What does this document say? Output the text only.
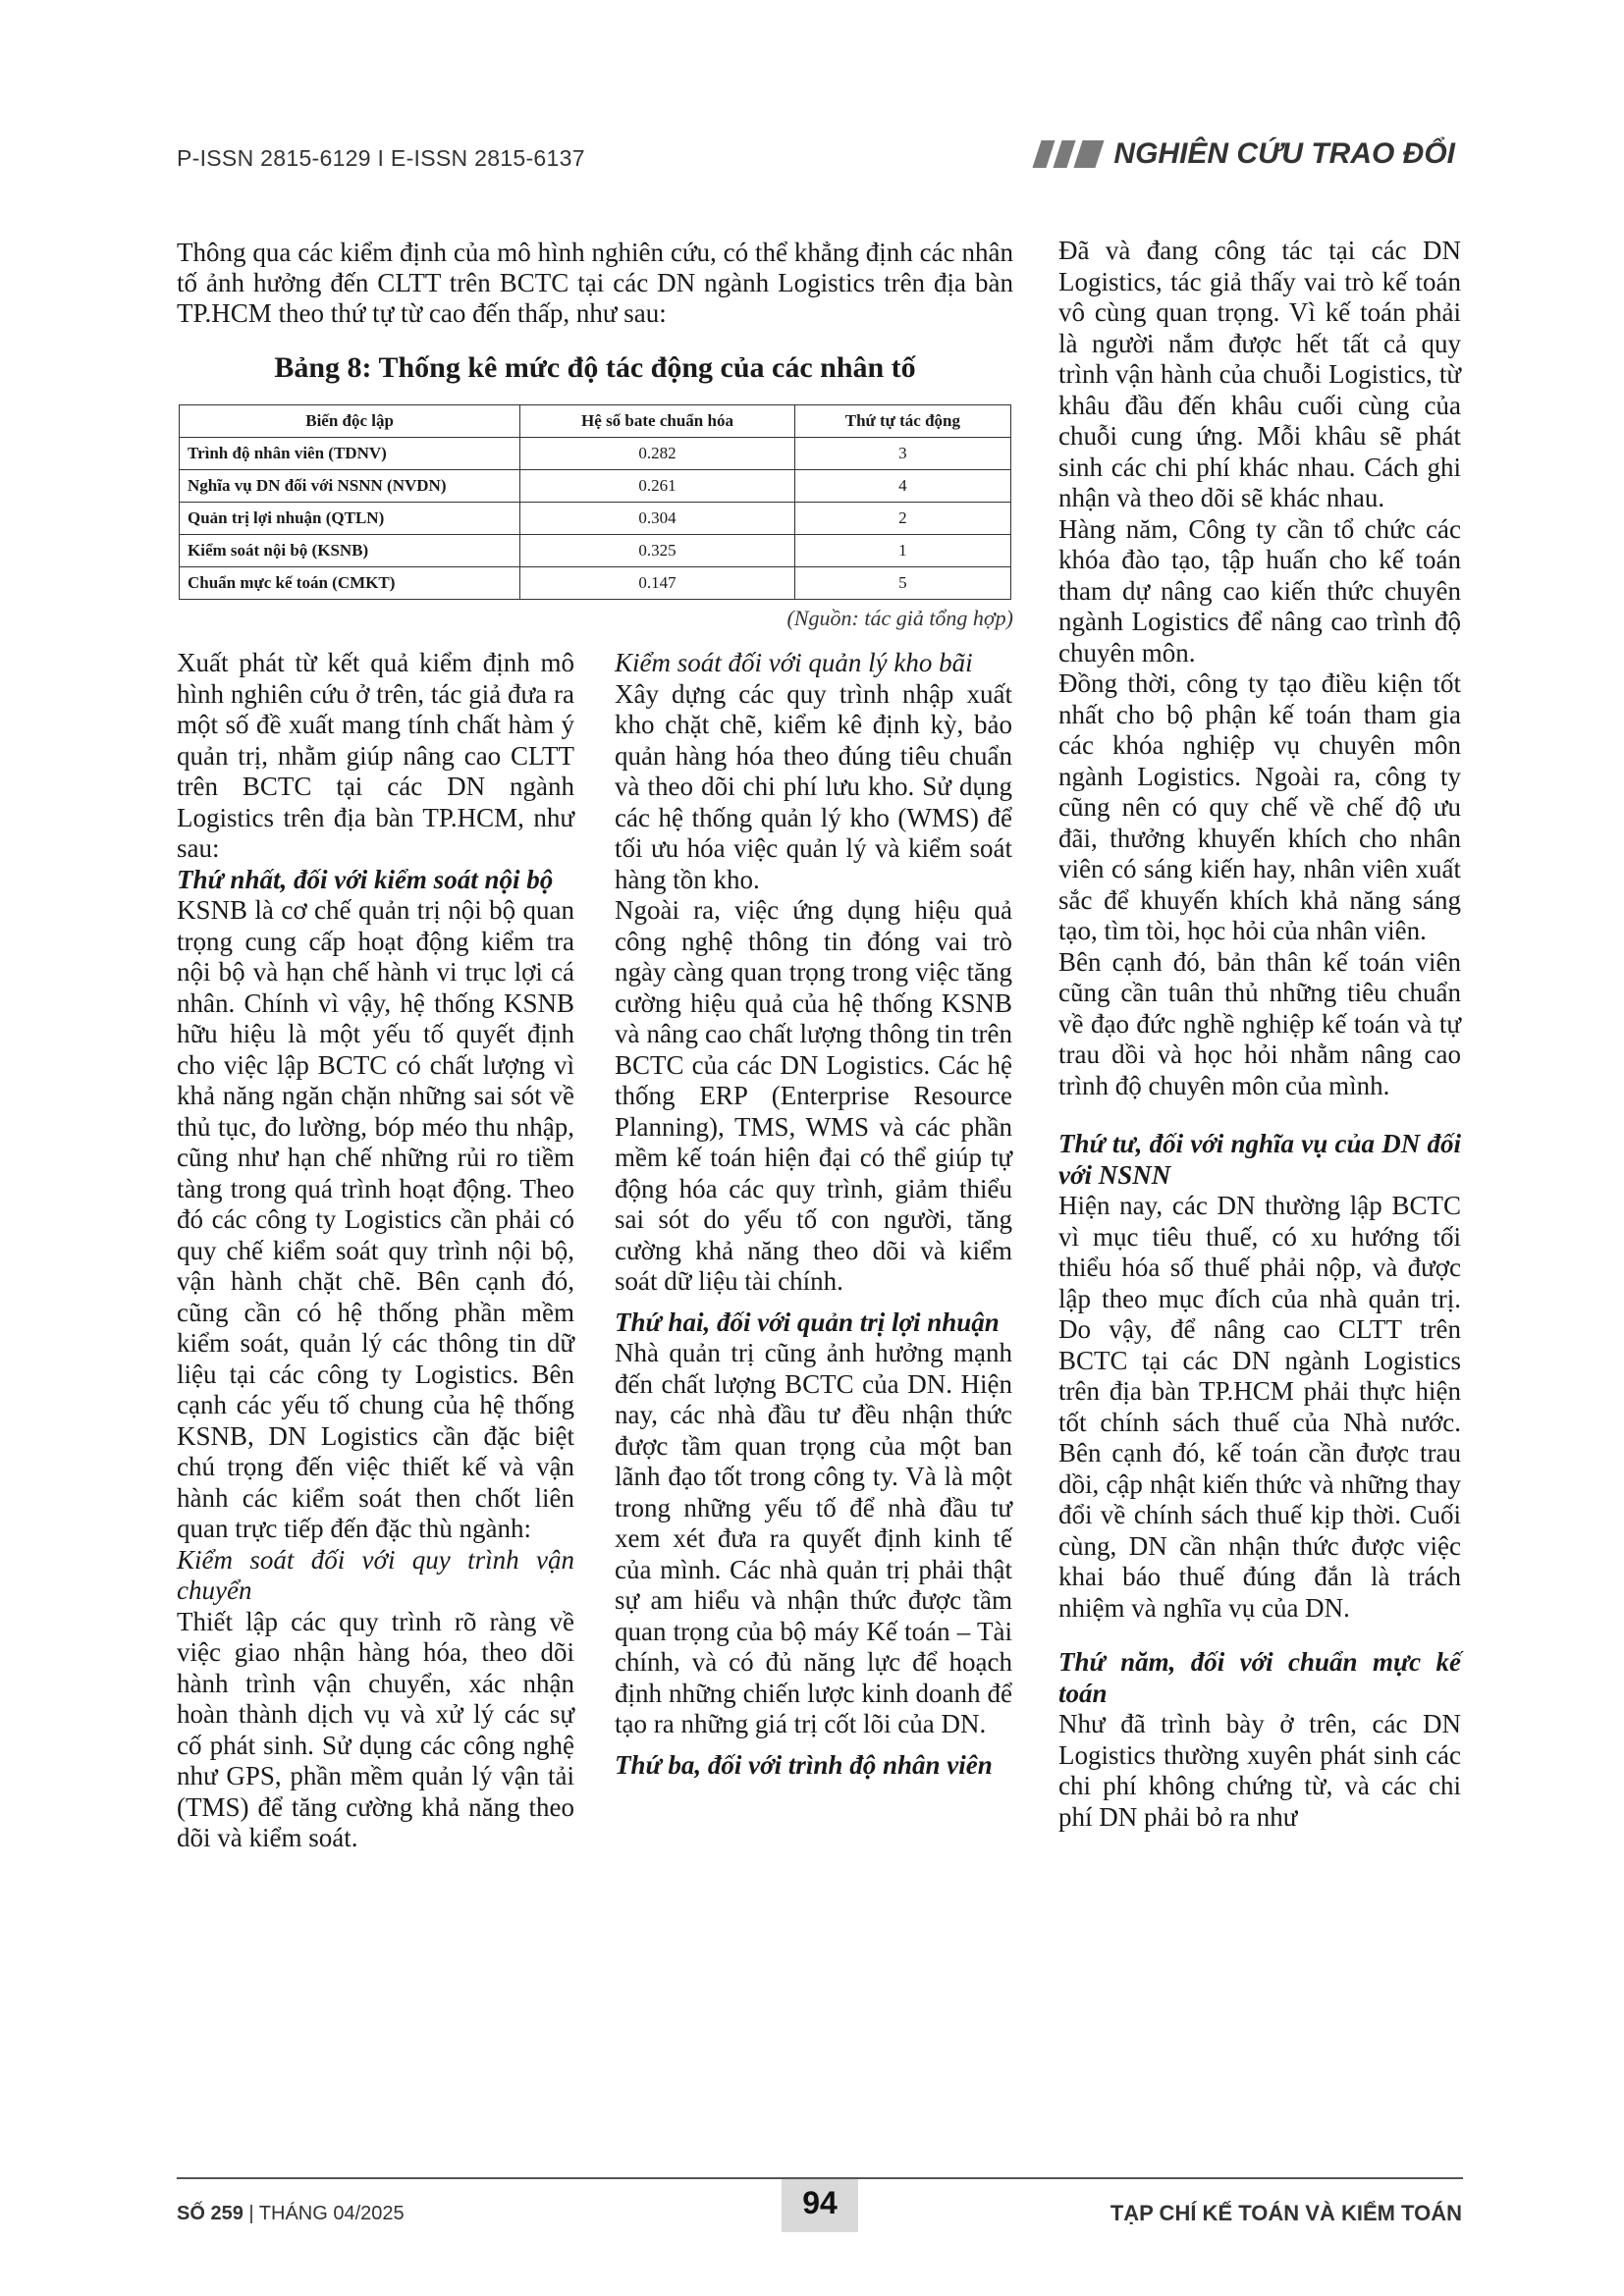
P-ISSN 2815-6129 I E-ISSN 2815-6137	NGHIÊN CỨU TRAO ĐỔI

Thông qua các kiểm định của mô hình nghiên cứu, có thể khẳng định các nhân tố ảnh hưởng đến CLTT trên BCTC tại các DN ngành Logistics trên địa bàn TP.HCM theo thứ tự từ cao đến thấp, như sau:

Bảng 8: Thống kê mức độ tác động của các nhân tố
Biến độc lập	Hệ số bate chuẩn hóa	Thứ tự tác động
Trình độ nhân viên (TDNV)	0.282	3
Nghĩa vụ DN đối với NSNN (NVDN)	0.261	4
Quản trị lợi nhuận (QTLN)	0.304	2
Kiểm soát nội bộ (KSNB)	0.325	1
Chuẩn mực kế toán (CMKT)	0.147	5
(Nguồn: tác giả tổng hợp)

Xuất phát từ kết quả kiểm định mô hình nghiên cứu ở trên, tác giả đưa ra một số đề xuất mang tính chất hàm ý quản trị, nhằm giúp nâng cao CLTT trên BCTC tại các DN ngành Logistics trên địa bàn TP.HCM, như sau:

Thứ nhất, đối với kiểm soát nội bộ

KSNB là cơ chế quản trị nội bộ quan trọng cung cấp hoạt động kiểm tra nội bộ và hạn chế hành vi trục lợi cá nhân. Chính vì vậy, hệ thống KSNB hữu hiệu là một yếu tố quyết định cho việc lập BCTC có chất lượng vì khả năng ngăn chặn những sai sót về thủ tục, đo lường, bóp méo thu nhập, cũng như hạn chế những rủi ro tiềm tàng trong quá trình hoạt động. Theo đó các công ty Logistics cần phải có quy chế kiểm soát quy trình nội bộ, vận hành chặt chẽ. Bên cạnh đó, cũng cần có hệ thống phần mềm kiểm soát, quản lý các thông tin dữ liệu tại các công ty Logistics. Bên cạnh các yếu tố chung của hệ thống KSNB, DN Logistics cần đặc biệt chú trọng đến việc thiết kế và vận hành các kiểm soát then chốt liên quan trực tiếp đến đặc thù ngành:

Kiểm soát đối với quy trình vận chuyển

Thiết lập các quy trình rõ ràng về việc giao nhận hàng hóa, theo dõi hành trình vận chuyển, xác nhận hoàn thành dịch vụ và xử lý các sự cố phát sinh. Sử dụng các công nghệ như GPS, phần mềm quản lý vận tải (TMS) để tăng cường khả năng theo dõi và kiểm soát.

Kiểm soát đối với quản lý kho bãi

Xây dựng các quy trình nhập xuất kho chặt chẽ, kiểm kê định kỳ, bảo quản hàng hóa theo đúng tiêu chuẩn và theo dõi chi phí lưu kho. Sử dụng các hệ thống quản lý kho (WMS) để tối ưu hóa việc quản lý và kiểm soát hàng tồn kho.

Ngoài ra, việc ứng dụng hiệu quả công nghệ thông tin đóng vai trò ngày càng quan trọng trong việc tăng cường hiệu quả của hệ thống KSNB và nâng cao chất lượng thông tin trên BCTC của các DN Logistics. Các hệ thống ERP (Enterprise Resource Planning), TMS, WMS và các phần mềm kế toán hiện đại có thể giúp tự động hóa các quy trình, giảm thiểu sai sót do yếu tố con người, tăng cường khả năng theo dõi và kiểm soát dữ liệu tài chính.

Thứ hai, đối với quản trị lợi nhuận

Nhà quản trị cũng ảnh hưởng mạnh đến chất lượng BCTC của DN. Hiện nay, các nhà đầu tư đều nhận thức được tầm quan trọng của một ban lãnh đạo tốt trong công ty. Và là một trong những yếu tố để nhà đầu tư xem xét đưa ra quyết định kinh tế của mình. Các nhà quản trị phải thật sự am hiểu và nhận thức được tầm quan trọng của bộ máy Kế toán – Tài chính, và có đủ năng lực để hoạch định những chiến lược kinh doanh để tạo ra những giá trị cốt lõi của DN.

Thứ ba, đối với trình độ nhân viên

Đã và đang công tác tại các DN Logistics, tác giả thấy vai trò kế toán vô cùng quan trọng. Vì kế toán phải là người nắm được hết tất cả quy trình vận hành của chuỗi Logistics, từ khâu đầu đến khâu cuối cùng của chuỗi cung ứng. Mỗi khâu sẽ phát sinh các chi phí khác nhau. Cách ghi nhận và theo dõi sẽ khác nhau.

Hàng năm, Công ty cần tổ chức các khóa đào tạo, tập huấn cho kế toán tham dự nâng cao kiến thức chuyên ngành Logistics để nâng cao trình độ chuyên môn.

Đồng thời, công ty tạo điều kiện tốt nhất cho bộ phận kế toán tham gia các khóa nghiệp vụ chuyên môn ngành Logistics. Ngoài ra, công ty cũng nên có quy chế về chế độ ưu đãi, thưởng khuyến khích cho nhân viên có sáng kiến hay, nhân viên xuất sắc để khuyến khích khả năng sáng tạo, tìm tòi, học hỏi của nhân viên.

Bên cạnh đó, bản thân kế toán viên cũng cần tuân thủ những tiêu chuẩn về đạo đức nghề nghiệp kế toán và tự trau dồi và học hỏi nhằm nâng cao trình độ chuyên môn của mình.

Thứ tư, đối với nghĩa vụ của DN đối với NSNN

Hiện nay, các DN thường lập BCTC vì mục tiêu thuế, có xu hướng tối thiểu hóa số thuế phải nộp, và được lập theo mục đích của nhà quản trị. Do vậy, để nâng cao CLTT trên BCTC tại các DN ngành Logistics trên địa bàn TP.HCM phải thực hiện tốt chính sách thuế của Nhà nước. Bên cạnh đó, kế toán cần được trau dồi, cập nhật kiến thức và những thay đổi về chính sách thuế kịp thời. Cuối cùng, DN cần nhận thức được việc khai báo thuế đúng đắn là trách nhiệm và nghĩa vụ của DN.

Thứ năm, đối với chuẩn mực kế toán

Như đã trình bày ở trên, các DN Logistics thường xuyên phát sinh các chi phí không chứng từ, và các chi phí DN phải bỏ ra như

SỐ 259 | THÁNG 04/2025	94	TẠP CHÍ KẾ TOÁN VÀ KIỂM TOÁN
